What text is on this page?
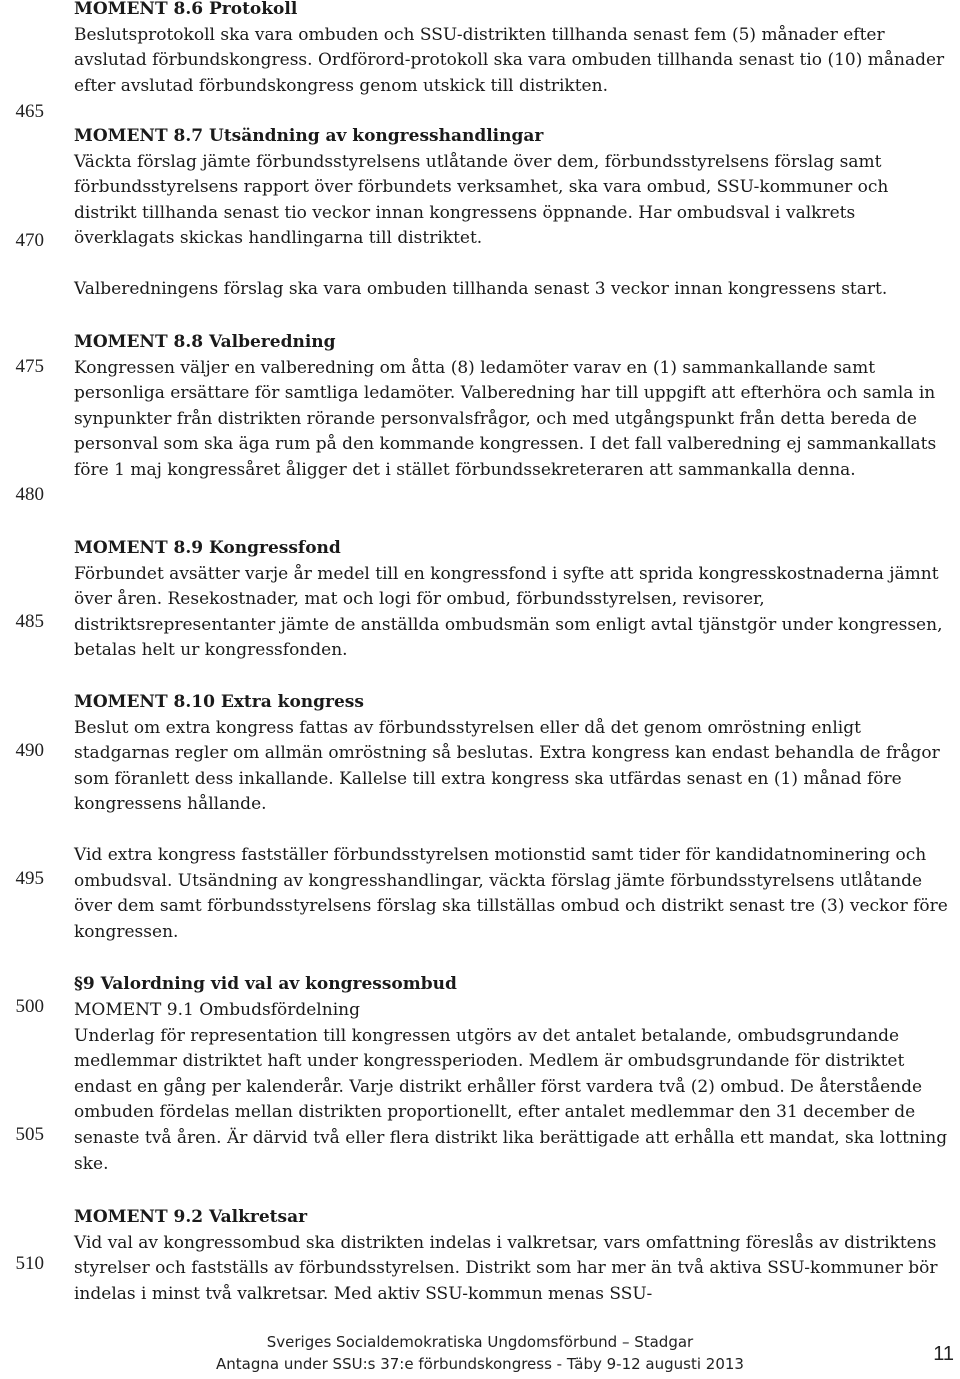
465
470
475
480
485
490
495
500
505
510
MOMENT 8.6 Protokoll

Beslutsprotokoll ska vara ombuden och SSU-distrikten tillhanda senast fem (5) månader efter avslutad förbundskongress. Ordförord-protokoll ska vara ombuden tillhanda senast tio (10) månader efter avslutad förbundskongress genom utskick till distrikten.

MOMENT 8.7 Utsändning av kongresshandlingar

Väckta förslag jämte förbundsstyrelsens utlåtande över dem, förbundsstyrelsens förslag samt förbundsstyrelsens rapport över förbundets verksamhet, ska vara ombud, SSU-kommuner och distrikt tillhanda senast tio veckor innan kongressens öppnande. Har ombudsval i valkrets överklagats skickas handlingarna till distriktet.

Valberedningens förslag ska vara ombuden tillhanda senast 3 veckor innan kongressens start.

MOMENT 8.8 Valberedning

Kongressen väljer en valberedning om åtta (8) ledamöter varav en (1) sammankallande samt personliga ersättare för samtliga ledamöter. Valberedning har till uppgift att efterhöra och samla in synpunkter från distrikten rörande personvalsfrågor, och med utgångspunkt från detta bereda de personval som ska äga rum på den kommande kongressen. I det fall valberedning ej sammankallats före 1 maj kongressåret åligger det i stället förbundssekreteraren att sammankalla denna.

MOMENT 8.9 Kongressfond

Förbundet avsätter varje år medel till en kongressfond i syfte att sprida kongresskostnaderna jämnt över åren. Resekostnader, mat och logi för ombud, förbundsstyrelsen, revisorer, distriktsrepresentanter jämte de anställda ombudsmän som enligt avtal tjänstgör under kongressen, betalas helt ur kongressfonden.

MOMENT 8.10 Extra kongress

Beslut om extra kongress fattas av förbundsstyrelsen eller då det genom omröstning enligt stadgarnas regler om allmän omröstning så beslutas. Extra kongress kan endast behandla de frågor som föranlett dess inkallande. Kallelse till extra kongress ska utfärdas senast en (1) månad före kongressens hållande.

Vid extra kongress fastställer förbundsstyrelsen motionstid samt tider för kandidatnominering och ombudsval. Utsändning av kongresshandlingar, väckta förslag jämte förbundsstyrelsens utlåtande över dem samt förbundsstyrelsens förslag ska tillställas ombud och distrikt senast tre (3) veckor före kongressen.

§9 Valordning vid val av kongressombud
MOMENT 9.1 Ombudsfördelning

Underlag för representation till kongressen utgörs av det antalet betalande, ombudsgrundande medlemmar distriktet haft under kongressperioden. Medlem är ombudsgrundande för distriktet endast en gång per kalenderår. Varje distrikt erhåller först vardera två (2) ombud. De återstående ombuden fördelas mellan distrikten proportionellt, efter antalet medlemmar den 31 december de senaste två åren. Är därvid två eller flera distrikt lika berättigade att erhålla ett mandat, ska lottning ske.

MOMENT 9.2 Valkretsar

Vid val av kongressombud ska distrikten indelas i valkretsar, vars omfattning föreslås av distriktens styrelser och fastställs av förbundsstyrelsen. Distrikt som har mer än två aktiva SSU-kommuner bör indelas i minst två valkretsar. Med aktiv SSU-kommun menas SSU-

Sveriges Socialdemokratiska Ungdomsförbund – Stadgar
Antagna under SSU:s 37:e förbundskongress - Täby 9-12 augusti 2013	11
